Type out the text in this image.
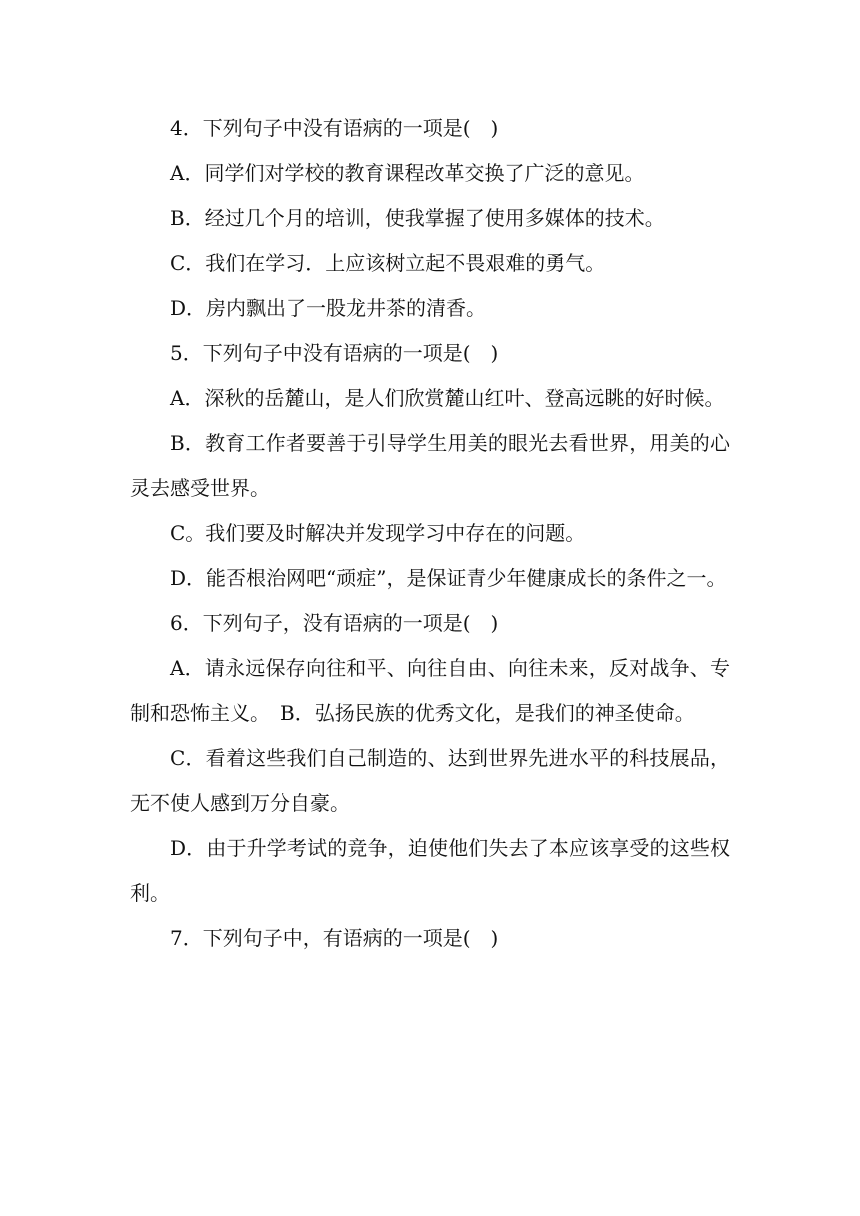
4．下列句子中没有语病的一项是(　)

A．同学们对学校的教育课程改革交换了广泛的意见。

B．经过几个月的培训，使我掌握了使用多媒体的技术。

C．我们在学习．上应该树立起不畏艰难的勇气。

D．房内飘出了一股龙井茶的清香。

5．下列句子中没有语病的一项是(　)

A．深秋的岳麓山，是人们欣赏麓山红叶、登高远眺的好时候。

B．教育工作者要善于引导学生用美的眼光去看世界，用美的心灵去感受世界。

C。我们要及时解决并发现学习中存在的问题。

D．能否根治网吧“顽症”，是保证青少年健康成长的条件之一。

6．下列句子，没有语病的一项是(　)

A．请永远保存向往和平、向往自由、向往未来，反对战争、专制和恐怖主义。　B．弘扬民族的优秀文化，是我们的神圣使命。

C．看着这些我们自己制造的、达到世界先进水平的科技展品，无不使人感到万分自豪。

D．由于升学考试的竞争，迫使他们失去了本应该享受的这些权利。

7．下列句子中，有语病的一项是(　)
